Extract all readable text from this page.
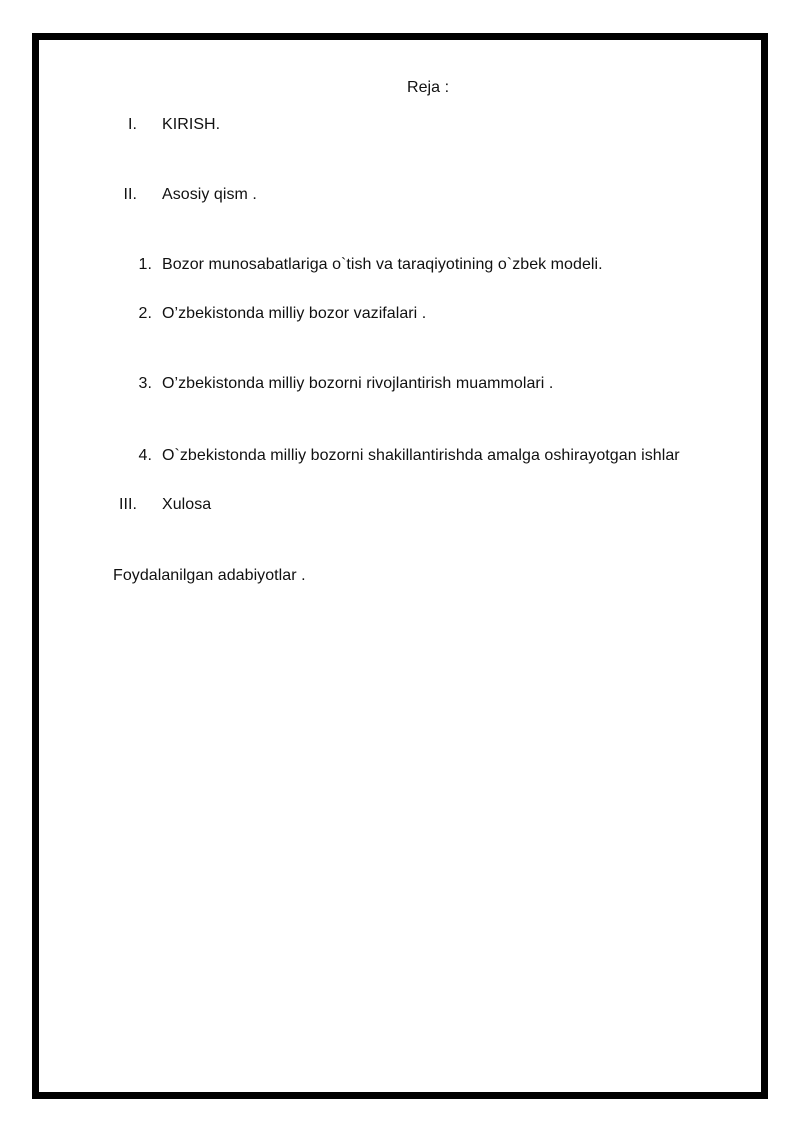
Reja :
I. KIRISH.
II. Asosiy qism .
1. Bozor munosabatlariga o`tish va taraqiyotining o`zbek modeli.
2. O’zbekistonda milliy bozor vazifalari .
3. O’zbekistonda milliy bozorni rivojlantirish muammolari .
4. O`zbekistonda milliy bozorni shakillantirishda amalga oshirayotgan ishlar
III. Xulosa
Foydalanilgan adabiyotlar .
